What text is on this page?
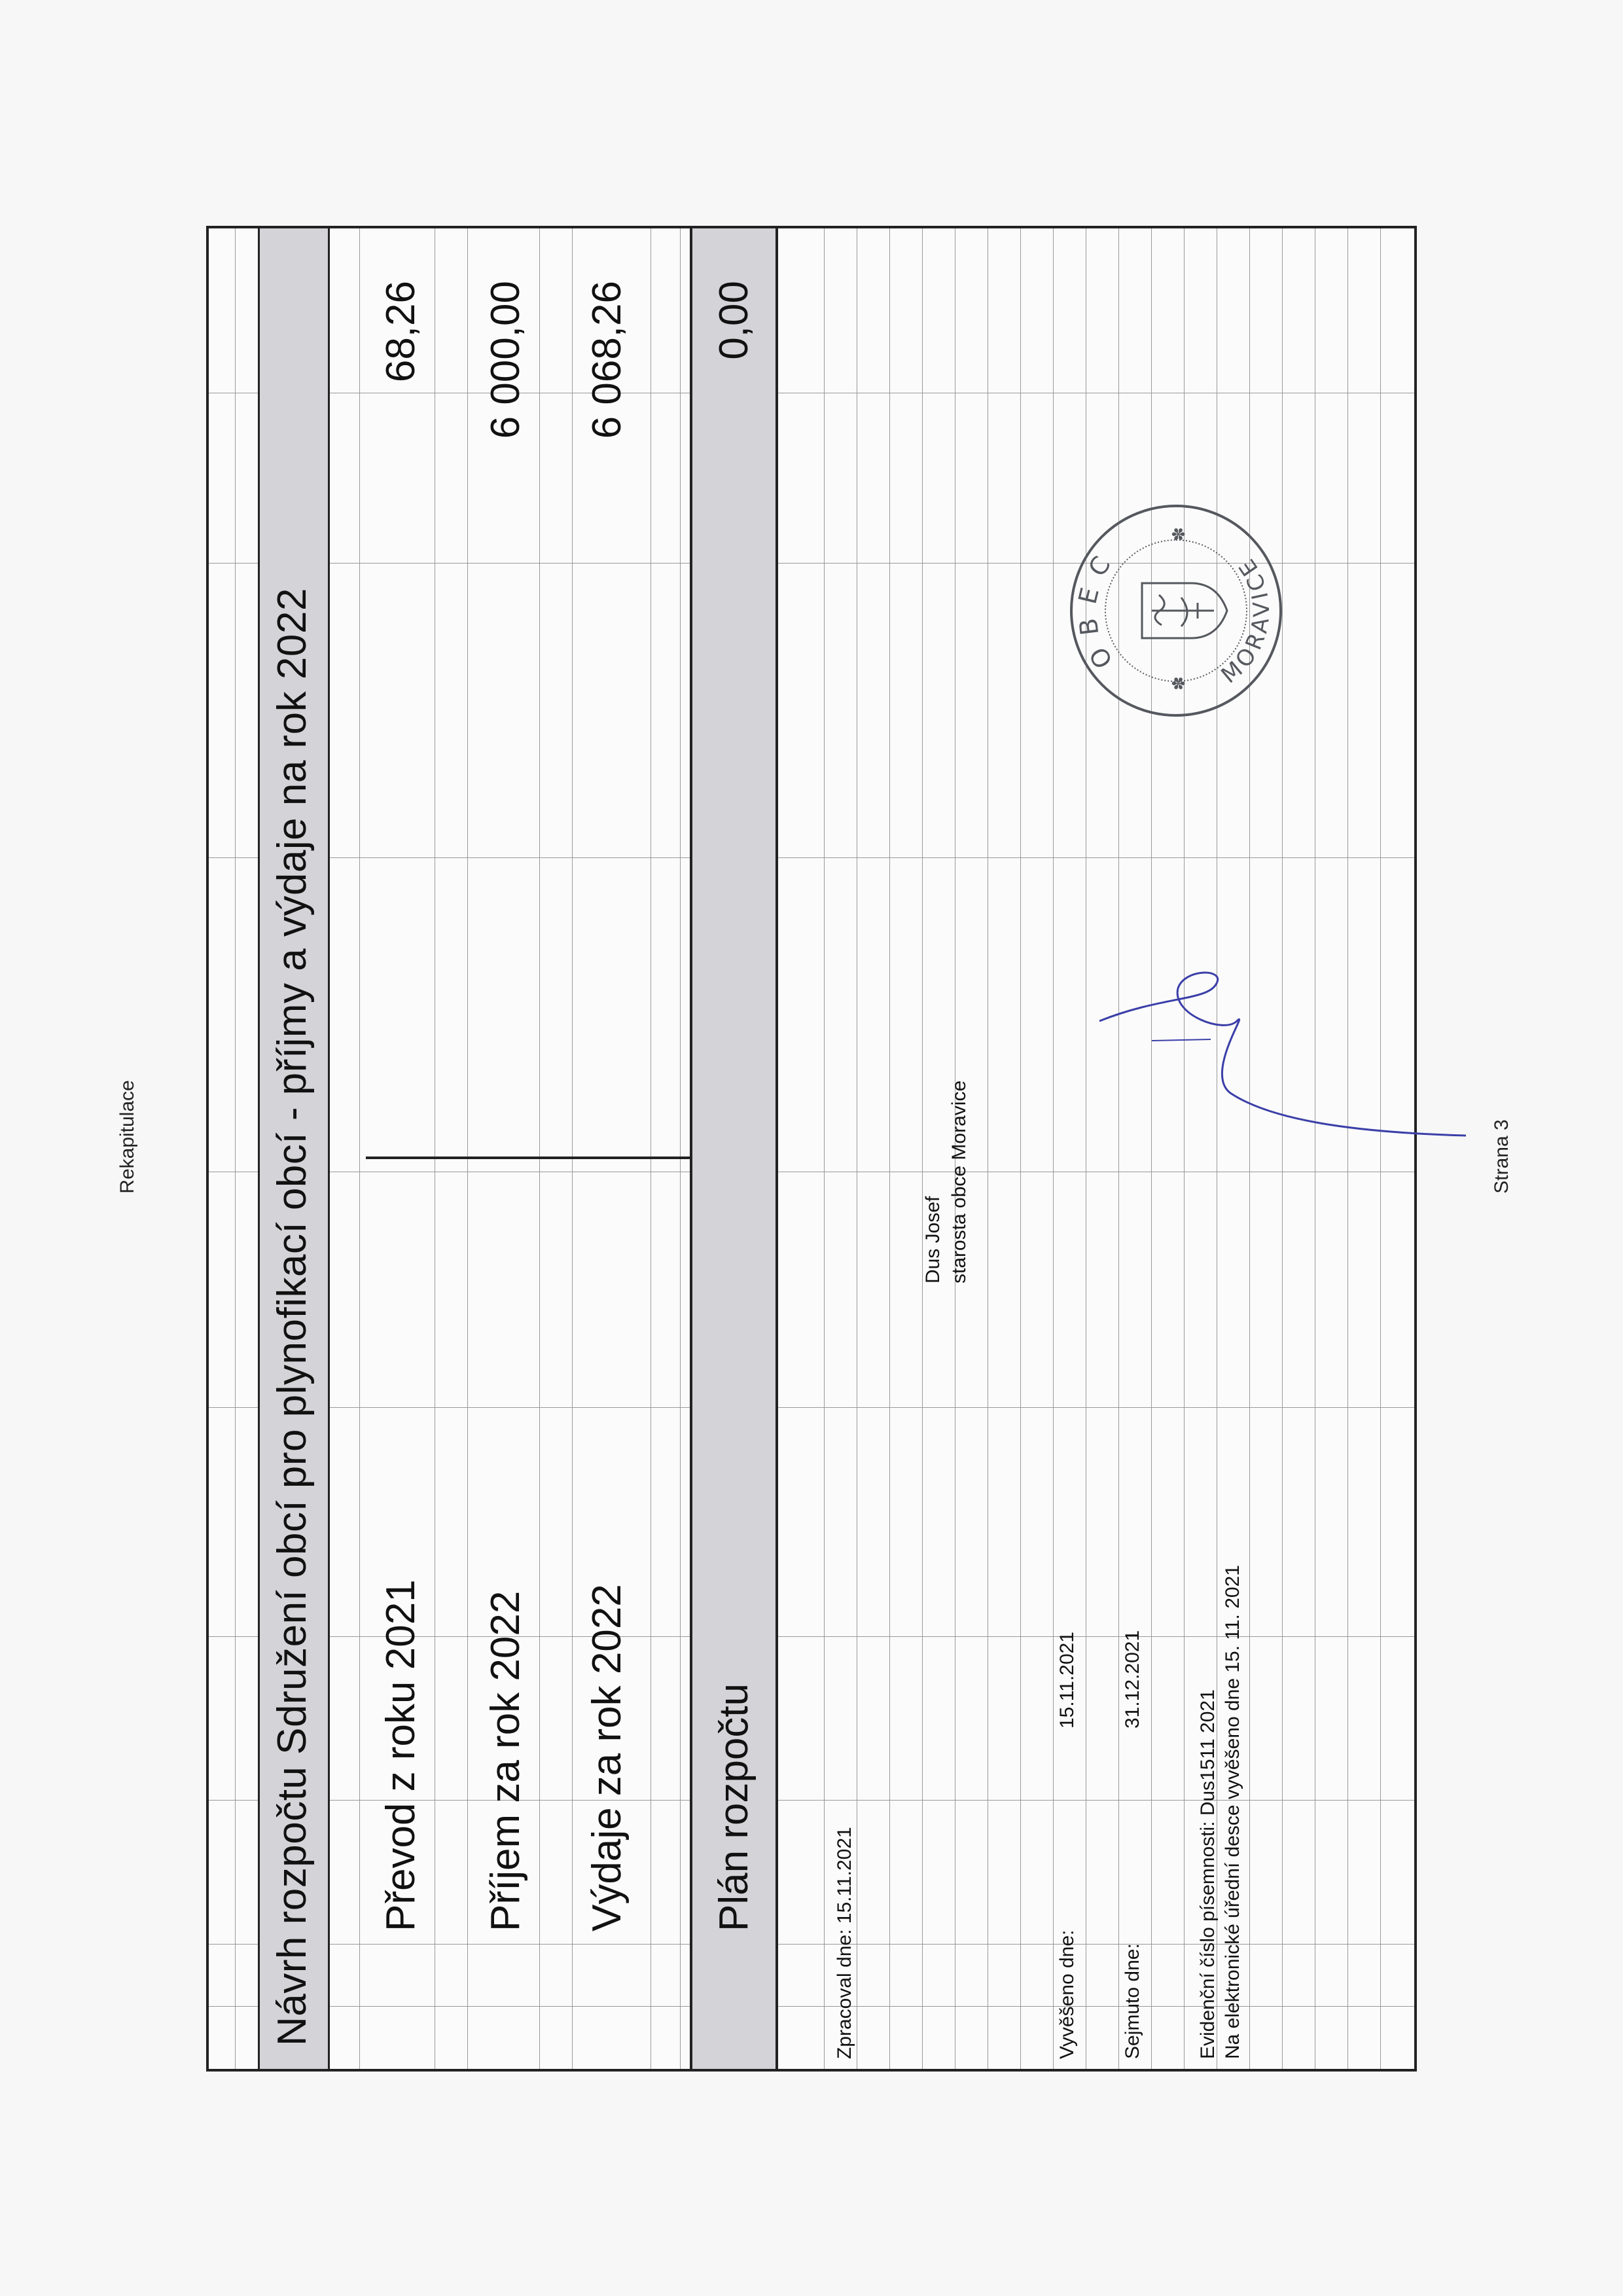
Rekapitulace	Strana 3
Návrh rozpočtu Sdružení obcí pro plynofikací obcí - příjmy a výdaje na rok 2022 Převod z roku 2021
68,26
Příjem za rok 2022
6 000,00
Výdaje za rok 2022
6 068,26
Plán rozpočtu
0,00
Zpracoval dne: 15.11.2021
Dus Josef starosta obce Moravice
Vyvěšeno dne:
15.11.2021
Sejmuto dne:
31.12.2021
Evidenční číslo písemnosti: Dus1511 2021 Na elektronické úřední desce vyvěšeno dne 15. 11. 2021
OBEC
MORAVICE
✽
✽
